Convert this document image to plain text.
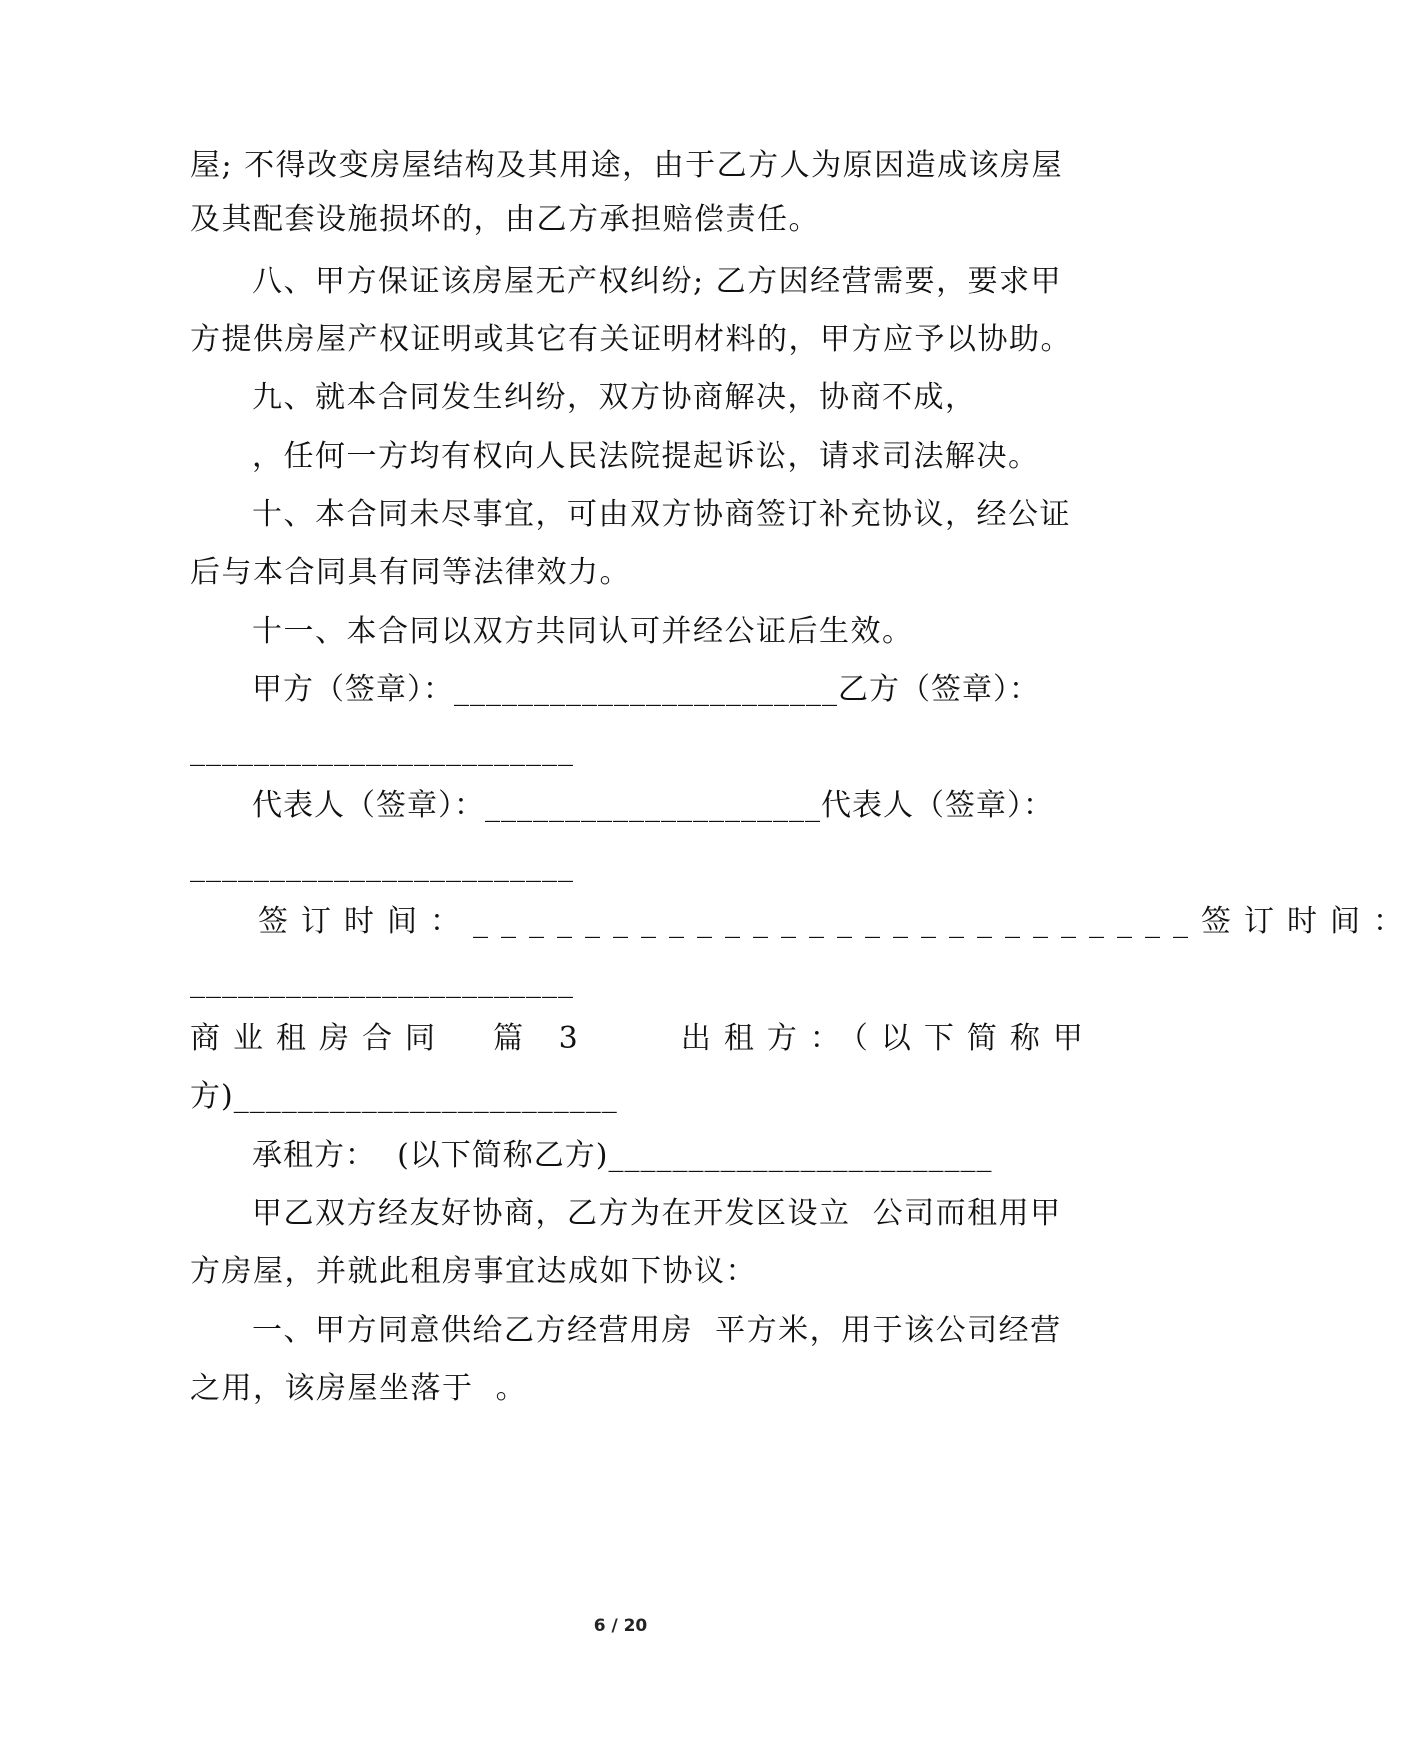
屋; 不得改变房屋结构及其用途，由于乙方人为原因造成该房屋
及其配套设施损坏的，由乙方承担赔偿责任。
八、甲方保证该房屋无产权纠纷; 乙方因经营需要，要求甲
方提供房屋产权证明或其它有关证明材料的，甲方应予以协助。
九、就本合同发生纠纷，双方协商解决，协商不成，
，任何一方均有权向人民法院提起诉讼，请求司法解决。
十、本合同未尽事宜，可由双方协商签订补充协议，经公证
后与本合同具有同等法律效力。
十一、本合同以双方共同认可并经公证后生效。
甲方（签章）：________________________乙方（签章）：
________________________
代表人（签章）：_____________________代表人（签章）：
________________________
签订时间：__________________________签订时间：
________________________
商业租房合同  篇 3    出租方：（以下简称甲
方)________________________
承租方：  (以下简称乙方)________________________
甲乙双方经友好协商，乙方为在开发区设立  公司而租用甲
方房屋，并就此租房事宜达成如下协议：
一、甲方同意供给乙方经营用房  平方米，用于该公司经营
之用，该房屋坐落于  。
6 / 20
